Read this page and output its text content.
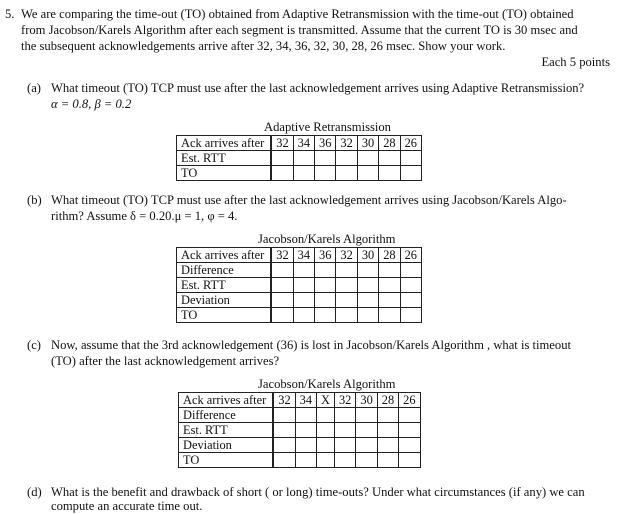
5. We are comparing the time-out (TO) obtained from Adaptive Retransmission with the time-out (TO) obtained
from Jacobson/Karels Algorithm after each segment is transmitted. Assume that the current TO is 30 msec and
the subsequent acknowledgements arrive after 32, 34, 36, 32, 30, 28, 26 msec. Show your work.
Each 5 points
(a) What timeout (TO) TCP must use after the last acknowledgement arrives using Adaptive Retransmission?
α = 0.8, β = 0.2
Adaptive Retransmission
Ack arrives after	32	34	36	32	30	28	26
Est. RTT							
TO							
(b) What timeout (TO) TCP must use after the last acknowledgement arrives using Jacobson/Karels Algo-
rithm? Assume δ = 0.20.μ = 1, φ = 4.
Jacobson/Karels Algorithm
Ack arrives after	32	34	36	32	30	28	26
Difference							
Est. RTT							
Deviation							
TO							
(c) Now, assume that the 3rd acknowledgement (36) is lost in Jacobson/Karels Algorithm , what is timeout
(TO) after the last acknowledgement arrives?
Jacobson/Karels Algorithm
Ack arrives after	32	34	X	32	30	28	26
Difference							
Est. RTT							
Deviation							
TO							
(d) What is the benefit and drawback of short ( or long) time-outs? Under what circumstances (if any) we can
compute an accurate time out.
